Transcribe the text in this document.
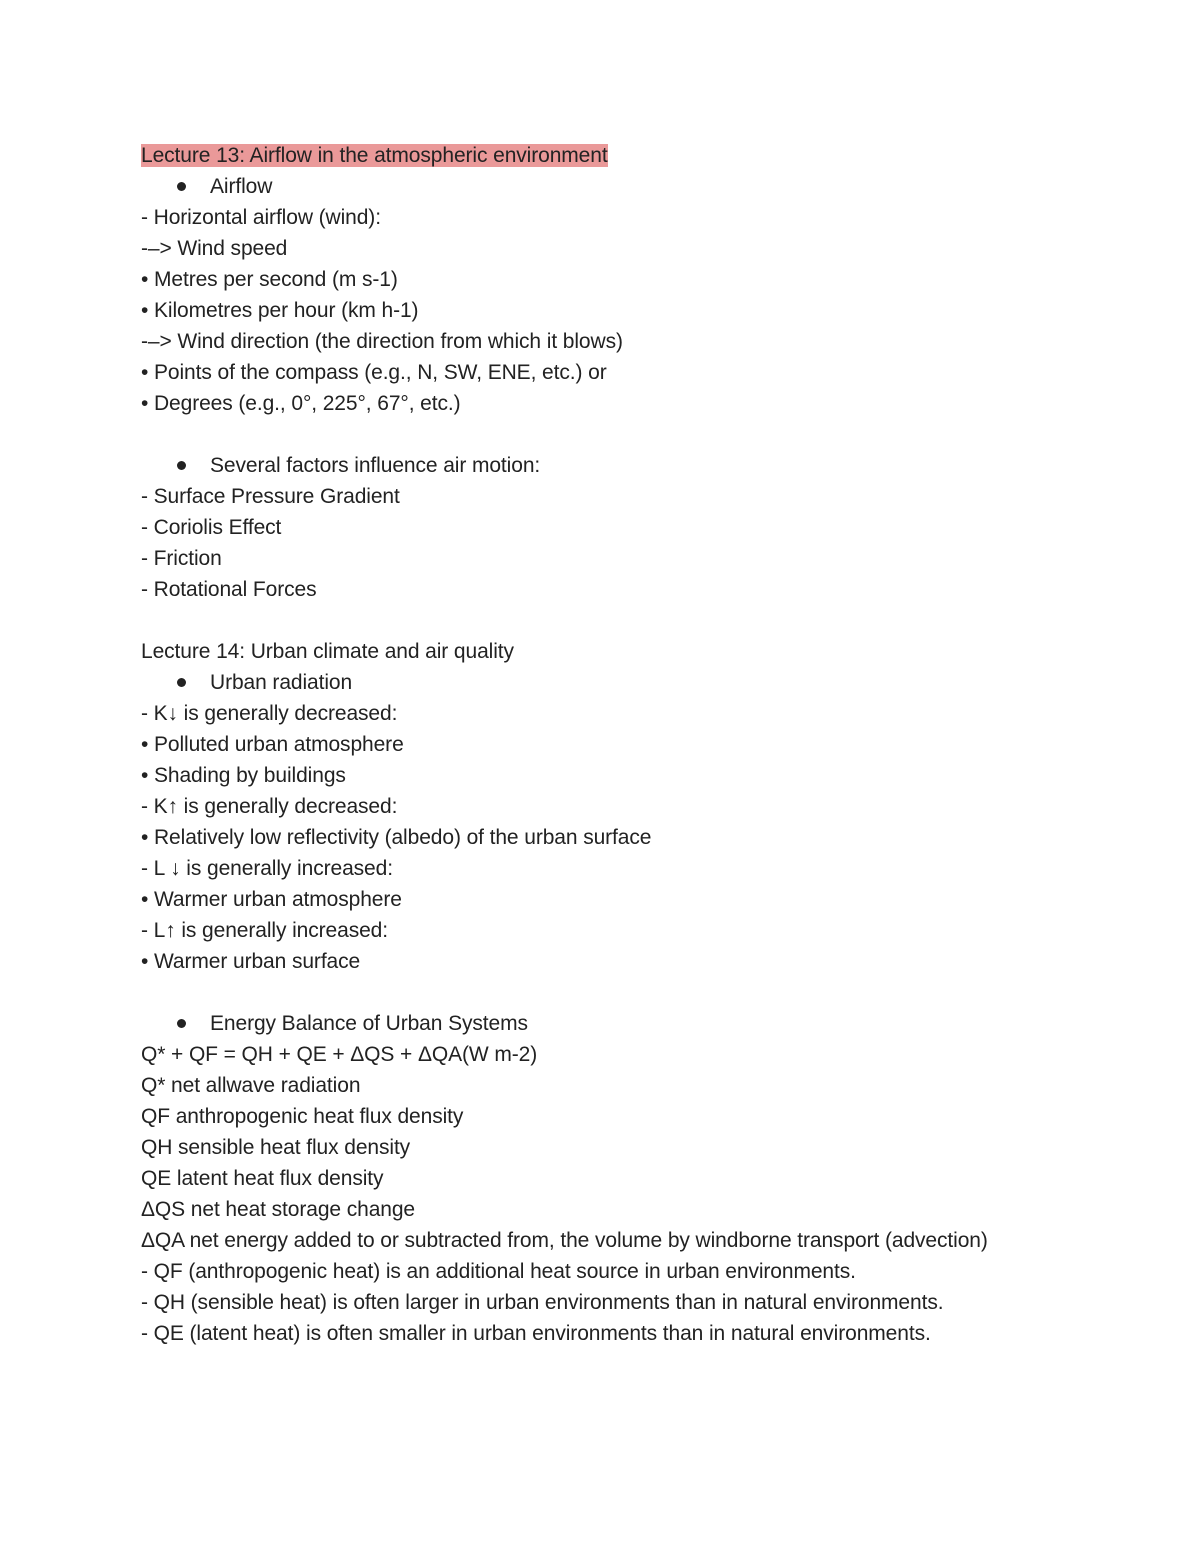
Lecture 13: Airflow in the atmospheric environment
Airflow
- Horizontal airflow (wind):
-–> Wind speed
• Metres per second (m s-1)
• Kilometres per hour (km h-1)
-–> Wind direction (the direction from which it blows)
• Points of the compass (e.g., N, SW, ENE, etc.) or
• Degrees (e.g., 0°, 225°, 67°, etc.)
Several factors influence air motion:
- Surface Pressure Gradient
- Coriolis Effect
- Friction
- Rotational Forces
Lecture 14: Urban climate and air quality
Urban radiation
- K↓ is generally decreased:
• Polluted urban atmosphere
• Shading by buildings
- K↑ is generally decreased:
• Relatively low reflectivity (albedo) of the urban surface
- L ↓ is generally increased:
• Warmer urban atmosphere
- L↑ is generally increased:
• Warmer urban surface
Energy Balance of Urban Systems
Q* + QF = QH + QE + ΔQS + ΔQA(W m-2)
Q* net allwave radiation
QF anthropogenic heat flux density
QH sensible heat flux density
QE latent heat flux density
ΔQS net heat storage change
ΔQA net energy added to or subtracted from, the volume by windborne transport (advection)
- QF (anthropogenic heat) is an additional heat source in urban environments.
- QH (sensible heat) is often larger in urban environments than in natural environments.
- QE (latent heat) is often smaller in urban environments than in natural environments.
